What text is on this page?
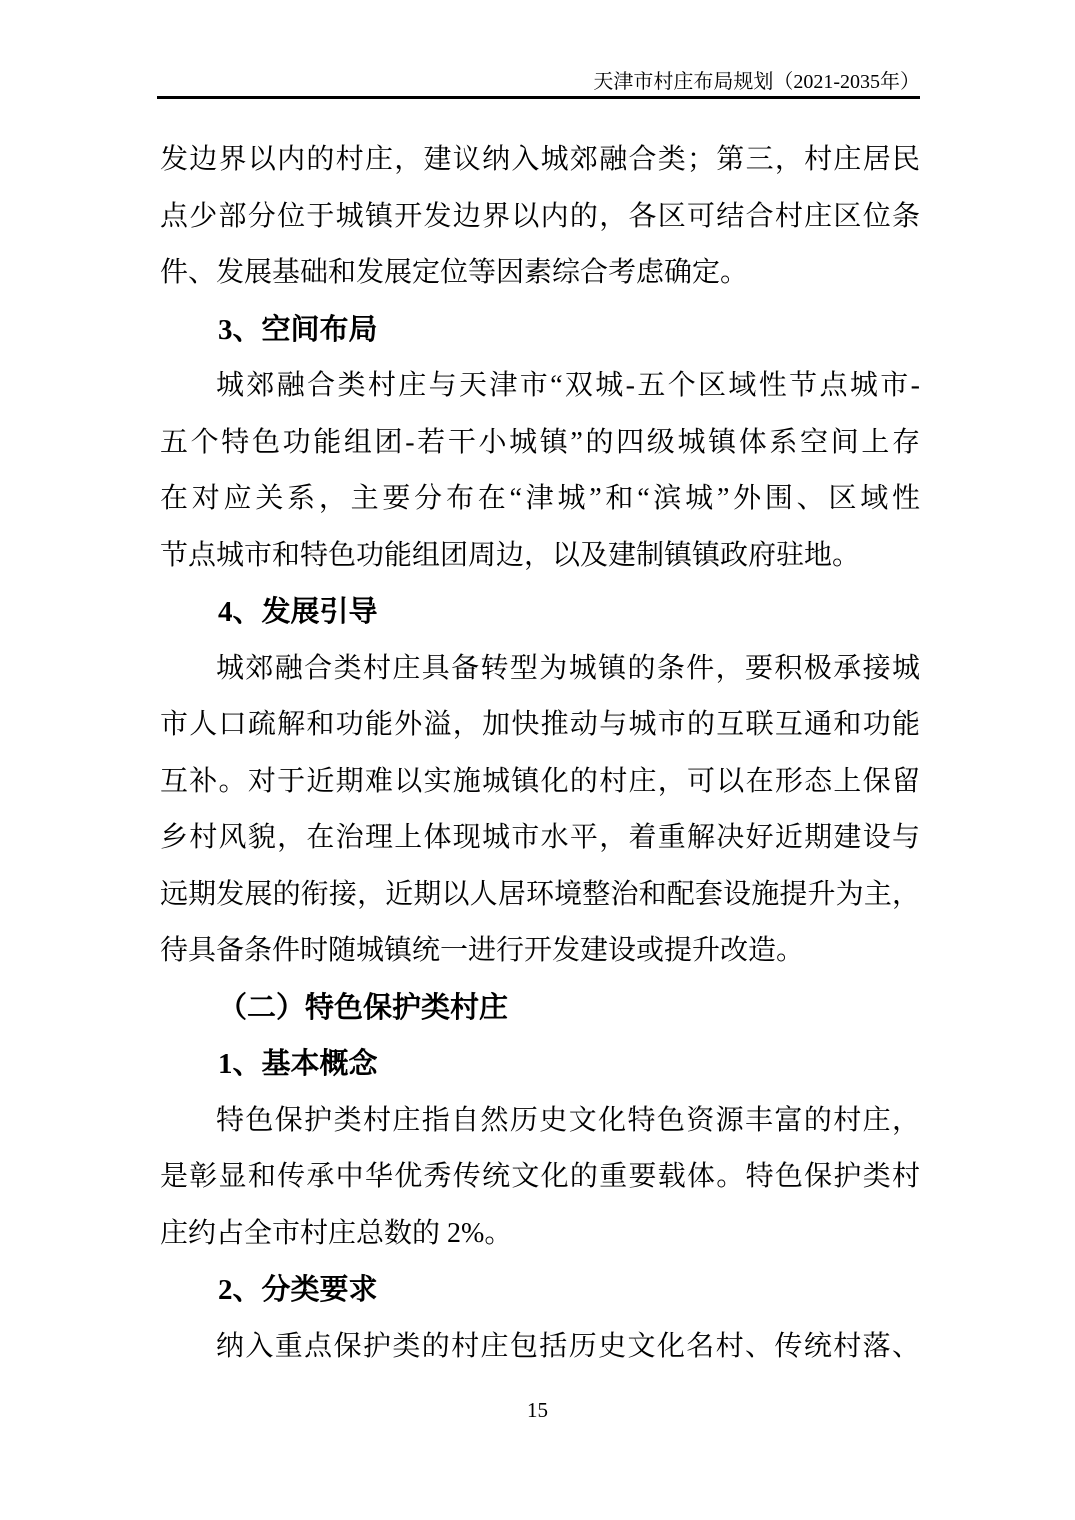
天津市村庄布局规划（2021-2035年）
发边界以内的村庄，建议纳入城郊融合类；第三，村庄居民
点少部分位于城镇开发边界以内的，各区可结合村庄区位条
件、发展基础和发展定位等因素综合考虑确定。
3、空间布局
城郊融合类村庄与天津市“双城-五个区域性节点城市-
五个特色功能组团-若干小城镇”的四级城镇体系空间上存
在对应关系，主要分布在“津城”和“滨城”外围、区域性
节点城市和特色功能组团周边，以及建制镇镇政府驻地。
4、发展引导
城郊融合类村庄具备转型为城镇的条件，要积极承接城
市人口疏解和功能外溢，加快推动与城市的互联互通和功能
互补。对于近期难以实施城镇化的村庄，可以在形态上保留
乡村风貌，在治理上体现城市水平，着重解决好近期建设与
远期发展的衔接，近期以人居环境整治和配套设施提升为主，
待具备条件时随城镇统一进行开发建设或提升改造。
（二）特色保护类村庄
1、基本概念
特色保护类村庄指自然历史文化特色资源丰富的村庄，
是彰显和传承中华优秀传统文化的重要载体。特色保护类村
庄约占全市村庄总数的 2%。
2、分类要求
纳入重点保护类的村庄包括历史文化名村、传统村落、
15
